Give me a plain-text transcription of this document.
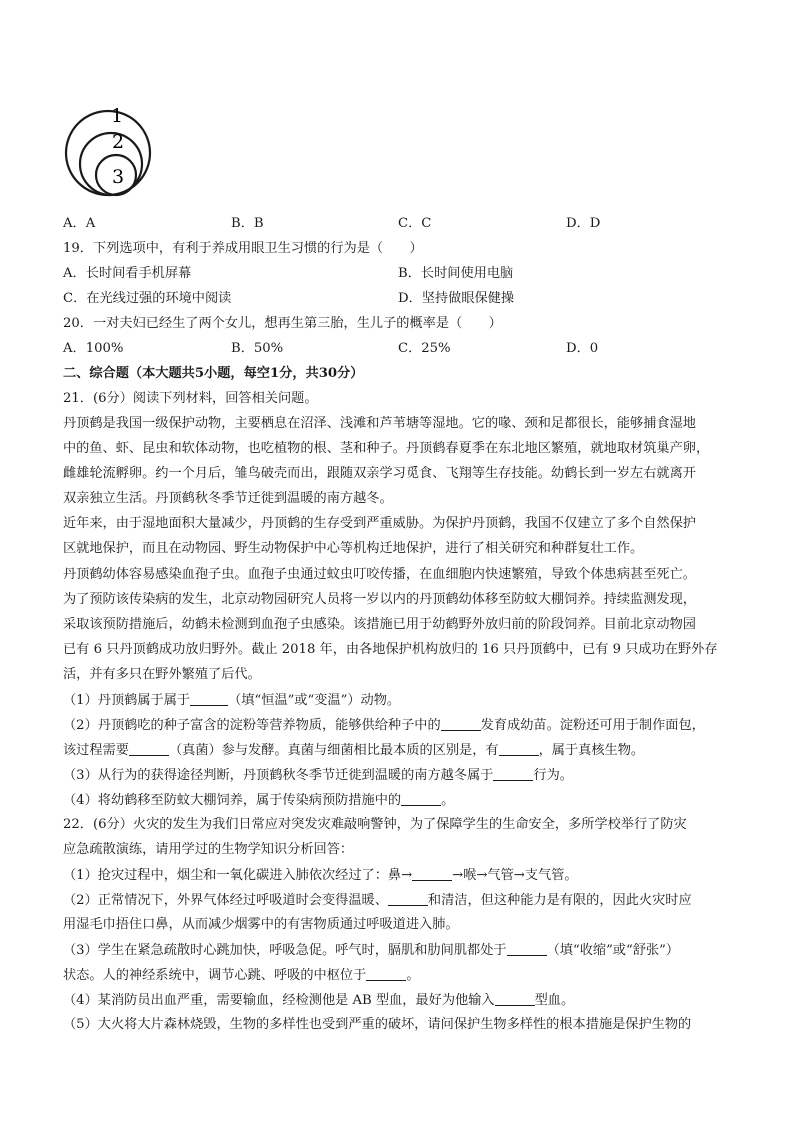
1
2
3
A．A	B．B	C．C	D．D
19．下列选项中，有利于养成用眼卫生习惯的行为是（　　）
A．长时间看手机屏幕	B．长时间使用电脑
C．在光线过强的环境中阅读	D．坚持做眼保健操
20．一对夫妇已经生了两个女儿，想再生第三胎，生儿子的概率是（　　）
A．100%	B．50%	C．25%	D．0
二、综合题（本大题共5小题，每空1分，共30分）
21．(6分）阅读下列材料，回答相关问题。
丹顶鹤是我国一级保护动物，主要栖息在沼泽、浅滩和芦苇塘等湿地。它的喙、颈和足都很长，能够捕食湿地
中的鱼、虾、昆虫和软体动物，也吃植物的根、茎和种子。丹顶鹤春夏季在东北地区繁殖，就地取材筑巢产卵，
雌雄轮流孵卵。约一个月后，雏鸟破壳而出，跟随双亲学习觅食、飞翔等生存技能。幼鹤长到一岁左右就离开
双亲独立生活。丹顶鹤秋冬季节迁徙到温暖的南方越冬。
近年来，由于湿地面积大量减少，丹顶鹤的生存受到严重威胁。为保护丹顶鹤，我国不仅建立了多个自然保护
区就地保护，而且在动物园、野生动物保护中心等机构迁地保护，进行了相关研究和种群复壮工作。
丹顶鹤幼体容易感染血孢子虫。血孢子虫通过蚊虫叮咬传播，在血细胞内快速繁殖，导致个体患病甚至死亡。
为了预防该传染病的发生，北京动物园研究人员将一岁以内的丹顶鹤幼体移至防蚊大棚饲养。持续监测发现，
采取该预防措施后，幼鹤未检测到血孢子虫感染。该措施已用于幼鹤野外放归前的阶段饲养。目前北京动物园
已有 6 只丹顶鹤成功放归野外。截止 2018 年，由各地保护机构放归的 16 只丹顶鹤中，已有 9 只成功在野外存
活，并有多只在野外繁殖了后代。
（1）丹顶鹤属于属于	（填“恒温”或“变温”）动物。
（2）丹顶鹤吃的种子富含的淀粉等营养物质，能够供给种子中的	发育成幼苗。淀粉还可用于制作面包，
该过程需要	（真菌）参与发酵。真菌与细菌相比最本质的区别是，有	，属于真核生物。
（3）从行为的获得途径判断，丹顶鹤秋冬季节迁徙到温暖的南方越冬属于	行为。
（4）将幼鹤移至防蚊大棚饲养，属于传染病预防措施中的	。
22．(6分）火灾的发生为我们日常应对突发灾难敲响警钟，为了保障学生的生命安全，多所学校举行了防灾
应急疏散演练，请用学过的生物学知识分析回答：
（1）抢灾过程中，烟尘和一氧化碳进入肺依次经过了：鼻→	→喉→气管→支气管。
（2）正常情况下，外界气体经过呼吸道时会变得温暖、	和清洁，但这种能力是有限的，因此火灾时应
用湿毛巾捂住口鼻，从而减少烟雾中的有害物质通过呼吸道进入肺。
（3）学生在紧急疏散时心跳加快，呼吸急促。呼气时，膈肌和肋间肌都处于	（填“收缩”或“舒张”）
状态。人的神经系统中，调节心跳、呼吸的中枢位于	。
（4）某消防员出血严重，需要输血，经检测他是 AB 型血，最好为他输入	型血。
（5）大火将大片森林烧毁，生物的多样性也受到严重的破坏，请问保护生物多样性的根本措施是保护生物的
